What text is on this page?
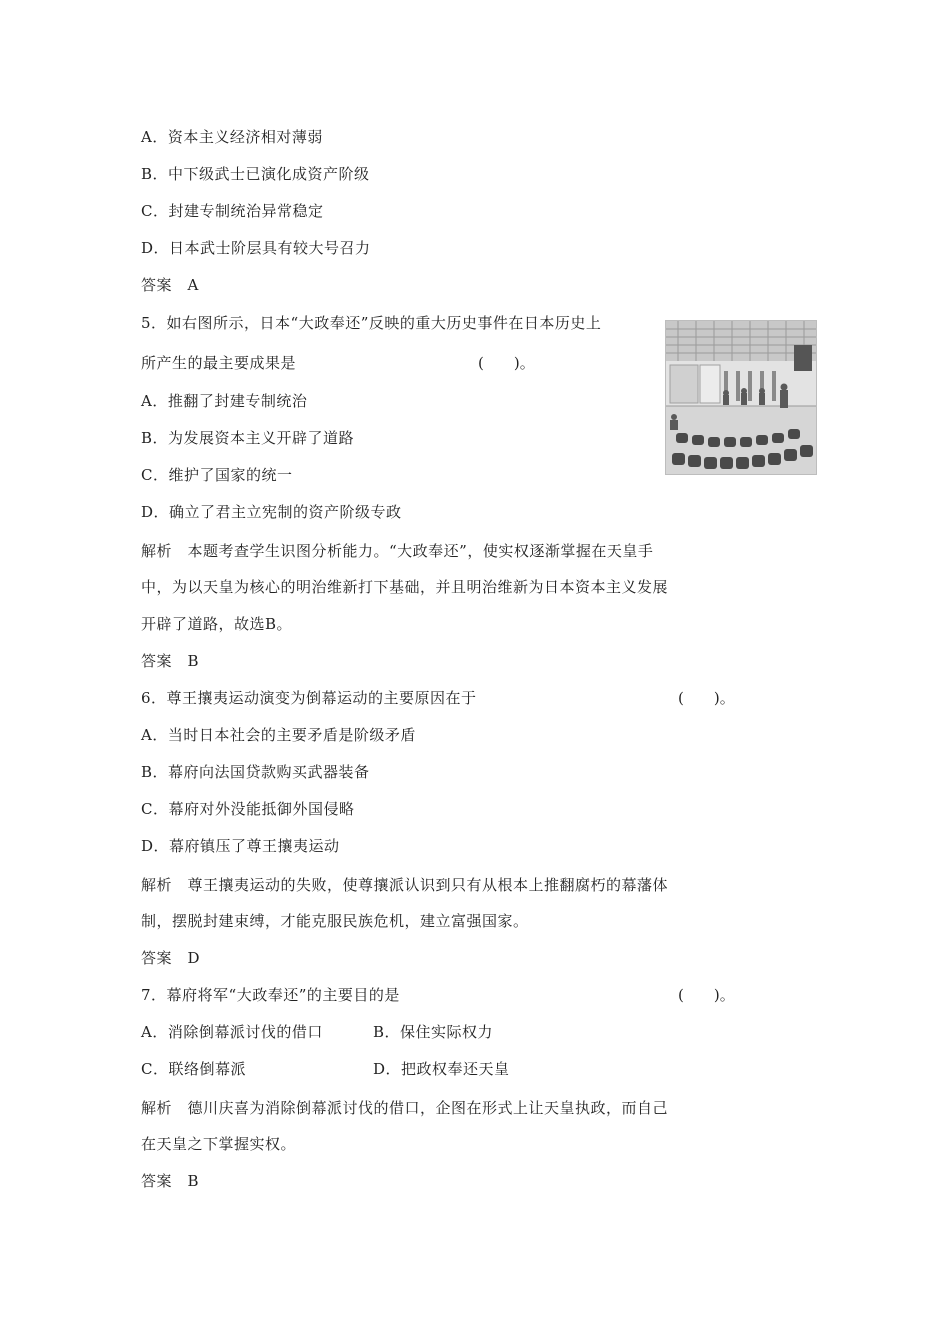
A．资本主义经济相对薄弱
B．中下级武士已演化成资产阶级
C．封建专制统治异常稳定
D．日本武士阶层具有较大号召力
答案　A
5．如右图所示，日本“大政奉还”反映的重大历史事件在日本历史上
所产生的最主要成果是	(　　)。
A．推翻了封建专制统治
B．为发展资本主义开辟了道路
C．维护了国家的统一
D．确立了君主立宪制的资产阶级专政
解析　本题考查学生识图分析能力。“大政奉还”，使实权逐渐掌握在天皇手
中，为以天皇为核心的明治维新打下基础，并且明治维新为日本资本主义发展
开辟了道路，故选B。
答案　B
6．尊王攘夷运动演变为倒幕运动的主要原因在于	(　　)。
A．当时日本社会的主要矛盾是阶级矛盾
B．幕府向法国贷款购买武器装备
C．幕府对外没能抵御外国侵略
D．幕府镇压了尊王攘夷运动
解析　尊王攘夷运动的失败，使尊攘派认识到只有从根本上推翻腐朽的幕藩体
制，摆脱封建束缚，才能克服民族危机，建立富强国家。
答案　D
7．幕府将军“大政奉还”的主要目的是	(　　)。
A．消除倒幕派讨伐的借口	B．保住实际权力
C．联络倒幕派	D．把政权奉还天皇
解析　德川庆喜为消除倒幕派讨伐的借口，企图在形式上让天皇执政，而自己
在天皇之下掌握实权。
答案　B
